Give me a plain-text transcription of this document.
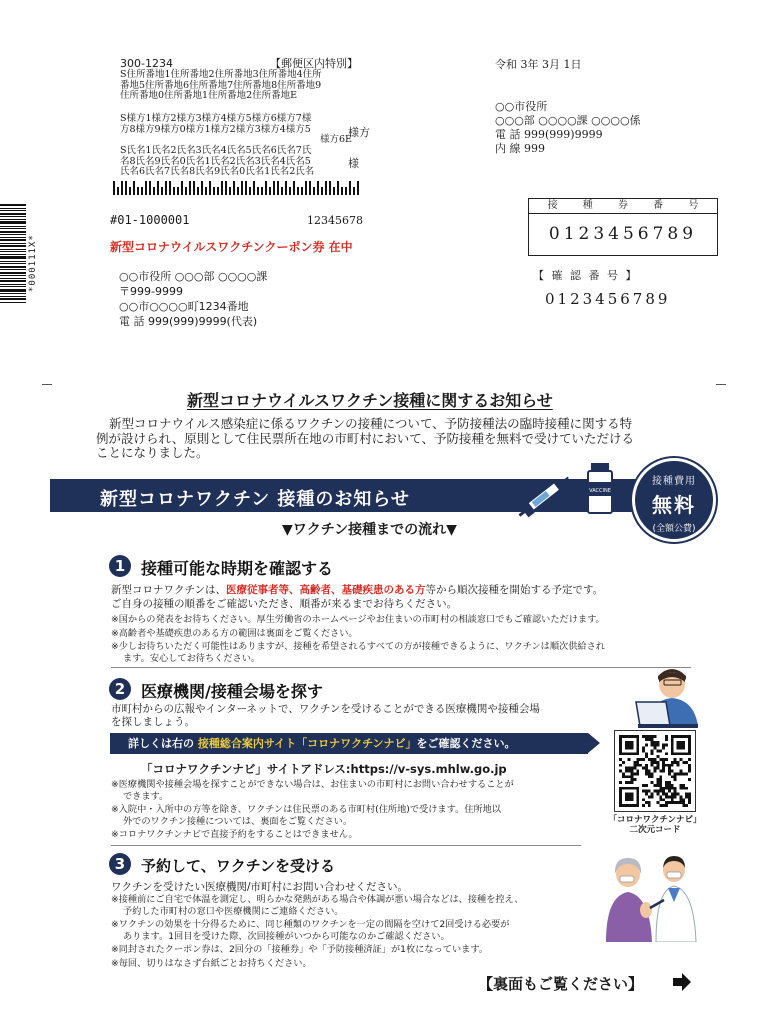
300-1234	【郵便区内特別】
S住所番地1住所番地2住所番地3住所番地4住所
番地5住所番地6住所番地7住所番地8住所番地9
住所番地0住所番地1住所番地2住所番地E
S様方1様方2様方3様方4様方5様方6様方7様
方8様方9様方0様方1様方2様方3様方4様方5
様方6E
様方
S氏名1氏名2氏名3氏名4氏名5氏名6氏名7氏
名8氏名9氏名0氏名1氏名2氏名3氏名4氏名5
氏名6氏名7氏名8氏名9氏名0氏名1氏名2氏名
様
*000111X*
#01-1000001	12345678
新型コロナウイルスワクチンクーポン券 在中
○○市役所 ○○○部 ○○○○課
〒999-9999
○○市○○○○町1234番地
電 話 999(999)9999(代表)
令和 3年 3月 1日
○○市役所
○○○部 ○○○○課 ○○○○係
電 話 999(999)9999
内 線 999
接	種	券	番	号
0123456789
【 確 認 番 号 】
0123456789
新型コロナウイルスワクチン接種に関するお知らせ
新型コロナウイルス感染症に係るワクチンの接種について、予防接種法の臨時接種に関する特
例が設けられ、原則として住民票所在地の市町村において、予防接種を無料で受けていただける
ことになりました。
新型コロナワクチン 接種のお知らせ	VACCINE
接種費用
無料
(全額公費)
▼ワクチン接種までの流れ▼
1 接種可能な時期を確認する
新型コロナワクチンは、医療従事者等、高齢者、基礎疾患のある方等から順次接種を開始する予定です。
ご自身の接種の順番をご確認いただき、順番が来るまでお待ちください。
※国からの発表をお待ちください。厚生労働省のホームページやお住まいの市町村の相談窓口でもご確認いただけます。
※高齢者や基礎疾患のある方の範囲は裏面をご覧ください。
※少しお待ちいただく可能性はありますが、接種を希望されるすべての方が接種できるように、ワクチンは順次供給され
ます。安心してお待ちください。
2 医療機関/接種会場を探す
市町村からの広報やインターネットで、ワクチンを受けることができる医療機関や接種会場
を探しましょう。
詳しくは右の 接種総合案内サイト「コロナワクチンナビ」をご確認ください。
「コロナワクチンナビ」サイトアドレス:https://v-sys.mhlw.go.jp
※医療機関や接種会場を探すことができない場合は、お住まいの市町村にお問い合わせすることが
できます。
※入院中・入所中の方等を除き、ワクチンは住民票のある市町村(住所地)で受けます。住所地以
外でのワクチン接種については、裏面をご覧ください。
※コロナワクチンナビで直接予約をすることはできません。
「コロナワクチンナビ」
二次元コード
3	予約して、ワクチンを受ける
ワクチンを受けたい医療機関/市町村にお問い合わせください。
※接種前にご自宅で体温を測定し、明らかな発熱がある場合や体調が悪い場合などは、接種を控え、
予約した市町村の窓口や医療機関にご連絡ください。
※ワクチンの効果を十分得るために、同じ種類のワクチンを一定の間隔を空けて2回受ける必要が
あります。1回目を受けた際、次回接種がいつから可能なのかご確認ください。
※同封されたクーポン券は、2回分の「接種券」や「予防接種済証」が1枚になっています。
※毎回、切りはなさず台紙ごとお持ちください。
【裏面もご覧ください】
